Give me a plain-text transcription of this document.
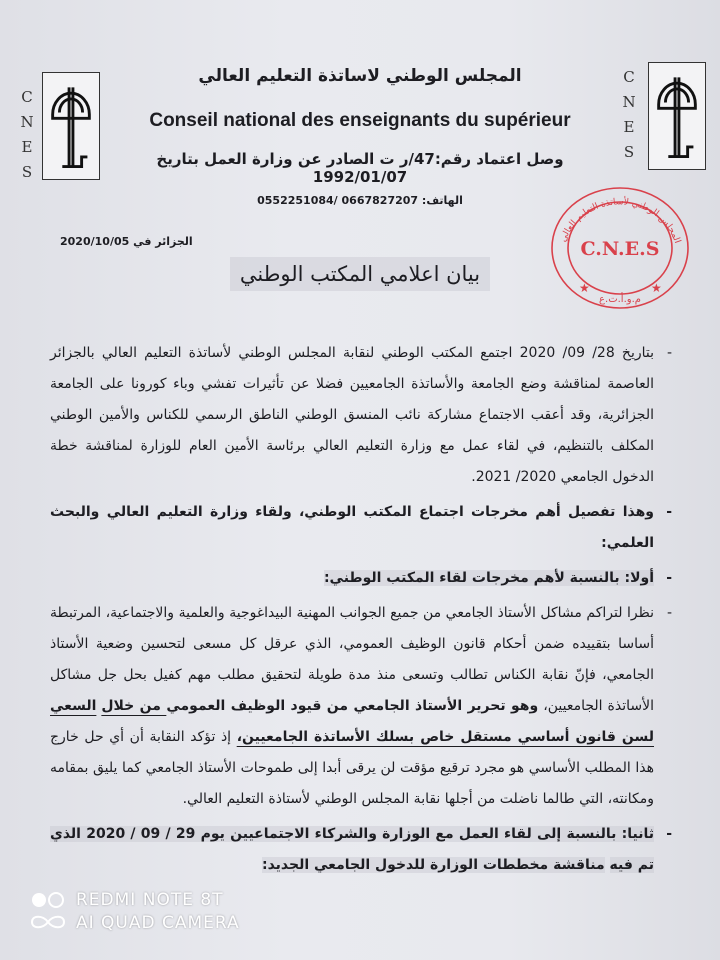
C
N
E
S
C
N
E
S
المجلس الوطني لاساتذة التعليم العالي
Conseil national des enseignants du supérieur
وصل اعتماد رقم:47/ر ت الصادر عن وزارة العمل بتاريخ 1992/01/07
الهاتف: 0667827207 /0552251084
الجزائر في 2020/10/05	المجلس الوطني لأساتذة التعليم العالي
C.N.E.S
م.و.أ.ت.ع
★	★
بيان اعلامي المكتب الوطني
-
بتاريخ 28/ 09/ 2020 اجتمع المكتب الوطني لنقابة المجلس الوطني لأساتذة التعليم العالي بالجزائر العاصمة لمناقشة وضع الجامعة والأساتذة الجامعيين فضلا عن تأثيرات تفشي وباء كورونا على الجامعة الجزائرية، وقد أعقب الاجتماع مشاركة نائب المنسق الوطني الناطق الرسمي للكناس والأمين الوطني المكلف بالتنظيم، في لقاء عمل مع وزارة التعليم العالي برئاسة الأمين العام للوزارة لمناقشة خطة الدخول الجامعي 2020/ 2021.
-
وهذا تفصيل أهم مخرجات اجتماع المكتب الوطني، ولقاء وزارة التعليم العالي والبحث العلمي:
-
أولا: بالنسبة لأهم مخرجات لقاء المكتب الوطني:
-
نظرا لتراكم مشاكل الأستاذ الجامعي من جميع الجوانب المهنية البيداغوجية والعلمية والاجتماعية، المرتبطة أساسا بتقييده ضمن أحكام قانون الوظيف العمومي، الذي عرقل كل مسعى لتحسين وضعية الأستاذ الجامعي، فإنّ نقابة الكناس تطالب وتسعى منذ مدة طويلة لتحقيق مطلب مهم كفيل بحل جل مشاكل الأساتذة الجامعيين، وهو تحرير الأستاذ الجامعي من قيود الوظيف العمومي من خلال السعي لسن قانون أساسي مستقل خاص بسلك الأساتذة الجامعيين، إذ تؤكد النقابة أن أي حل خارج هذا المطلب الأساسي هو مجرد ترقيع مؤقت لن يرقى أبدا إلى طموحات الأستاذ الجامعي كما يليق بمقامه ومكانته، التي طالما ناضلت من أجلها نقابة المجلس الوطني لأستاذة التعليم العالي.
-
ثانيا: بالنسبة إلى لقاء العمل مع الوزارة والشركاء الاجتماعيين يوم 29 / 09 / 2020 الذي تم فيه مناقشة مخططات الوزارة للدخول الجامعي الجديد:
REDMI NOTE 8T
AI QUAD CAMERA
